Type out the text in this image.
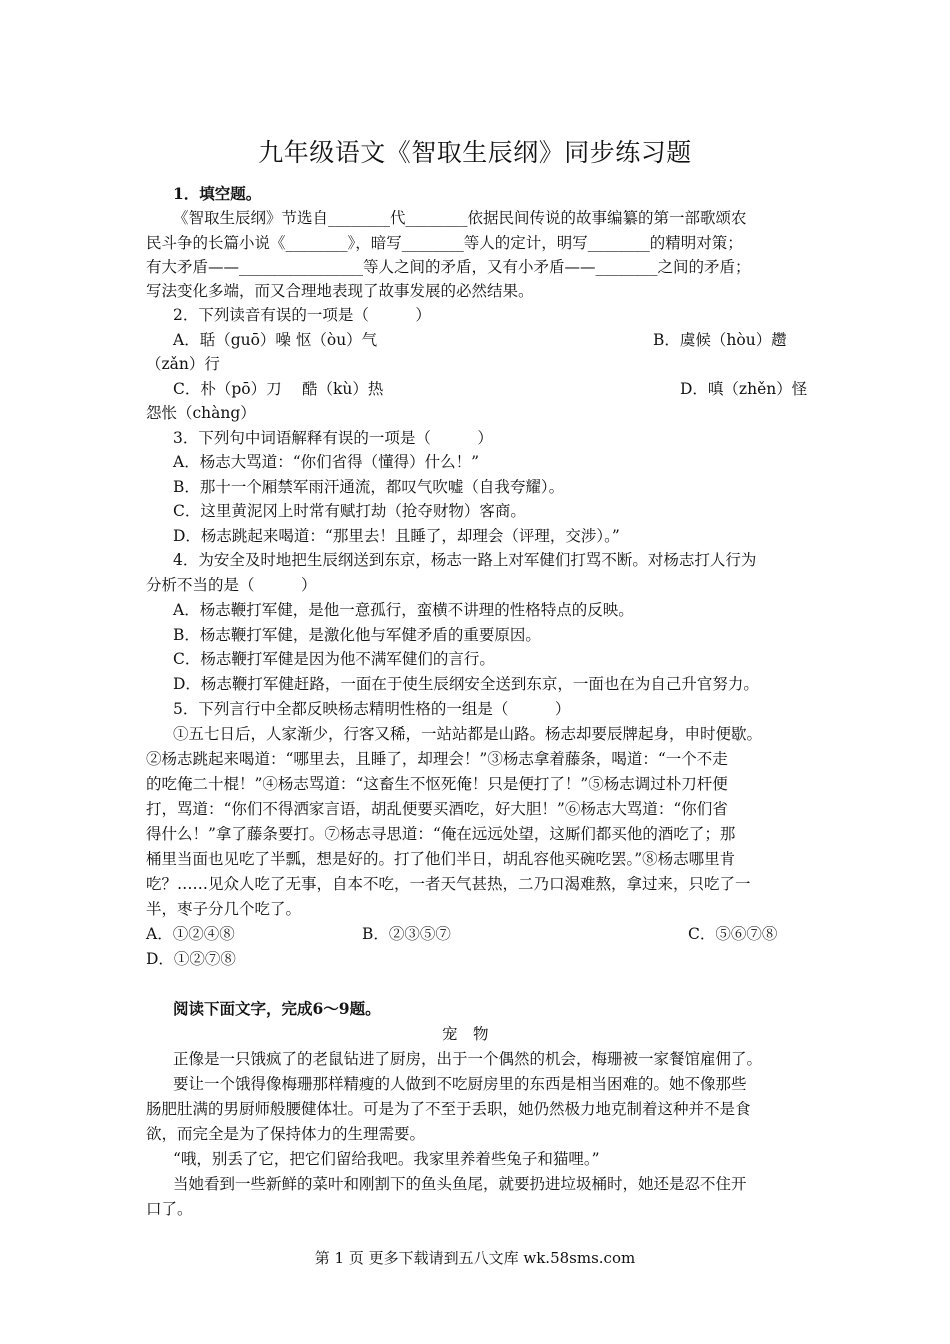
九年级语文《智取生辰纲》同步练习题
1．填空题。
《智取生辰纲》节选自________代________依据民间传说的故事编纂的第一部歌颂农
民斗争的长篇小说《________》，暗写________等人的定计，明写________的精明对策；
有大矛盾——________________等人之间的矛盾，又有小矛盾——________之间的矛盾；
写法变化多端，而又合理地表现了故事发展的必然结果。
2．下列读音有误的一项是（　　　）
A．聒（guō）噪 怄（òu）气	B．虞候（hòu）趱
（zǎn）行
C．朴（pō）刀　 酷（kù）热	D．嗔（zhěn）怪
怨怅（chàng）
3．下列句中词语解释有误的一项是（　　　）
A．杨志大骂道：“你们省得（懂得）什么！”
B．那十一个厢禁军雨汗通流，都叹气吹嘘（自我夸耀）。
C．这里黄泥冈上时常有赋打劫（抢夺财物）客商。
D．杨志跳起来喝道：“那里去！且睡了，却理会（评理，交涉）。”
4．为安全及时地把生辰纲送到东京，杨志一路上对军健们打骂不断。对杨志打人行为
分析不当的是（　　　）
A．杨志鞭打军健，是他一意孤行，蛮横不讲理的性格特点的反映。
B．杨志鞭打军健，是激化他与军健矛盾的重要原因。
C．杨志鞭打军健是因为他不满军健们的言行。
D．杨志鞭打军健赶路，一面在于使生辰纲安全送到东京，一面也在为自己升官努力。
5．下列言行中全都反映杨志精明性格的一组是（　　　）
①五七日后，人家渐少，行客又稀，一站站都是山路。杨志却要辰牌起身，申时便歇。
②杨志跳起来喝道：“哪里去，且睡了，却理会！”③杨志拿着藤条，喝道：“一个不走
的吃俺二十棍！”④杨志骂道：“这畜生不怄死俺！只是便打了！”⑤杨志调过朴刀杆便
打，骂道：“你们不得洒家言语，胡乱便要买酒吃，好大胆！”⑥杨志大骂道：“你们省
得什么！”拿了藤条要打。⑦杨志寻思道：“俺在远远处望，这厮们都买他的酒吃了；那
桶里当面也见吃了半瓢，想是好的。打了他们半日，胡乱容他买碗吃罢。”⑧杨志哪里肯
吃？……见众人吃了无事，自本不吃，一者天气甚热，二乃口渴难熬，拿过来，只吃了一
半，枣子分几个吃了。
A．①②④⑧	B．②③⑤⑦	C．⑤⑥⑦⑧
D．①②⑦⑧
阅读下面文字，完成6～9题。
宠　物
正像是一只饿疯了的老鼠钻进了厨房，出于一个偶然的机会，梅珊被一家餐馆雇佣了。
要让一个饿得像梅珊那样精瘦的人做到不吃厨房里的东西是相当困难的。她不像那些
肠肥肚满的男厨师般腰健体壮。可是为了不至于丢职，她仍然极力地克制着这种并不是食
欲，而完全是为了保持体力的生理需要。
“哦，别丢了它，把它们留给我吧。我家里养着些兔子和猫哩。”
当她看到一些新鲜的菜叶和刚割下的鱼头鱼尾，就要扔进垃圾桶时，她还是忍不住开
口了。
第 1 页 更多下载请到五八文库 wk.58sms.com
